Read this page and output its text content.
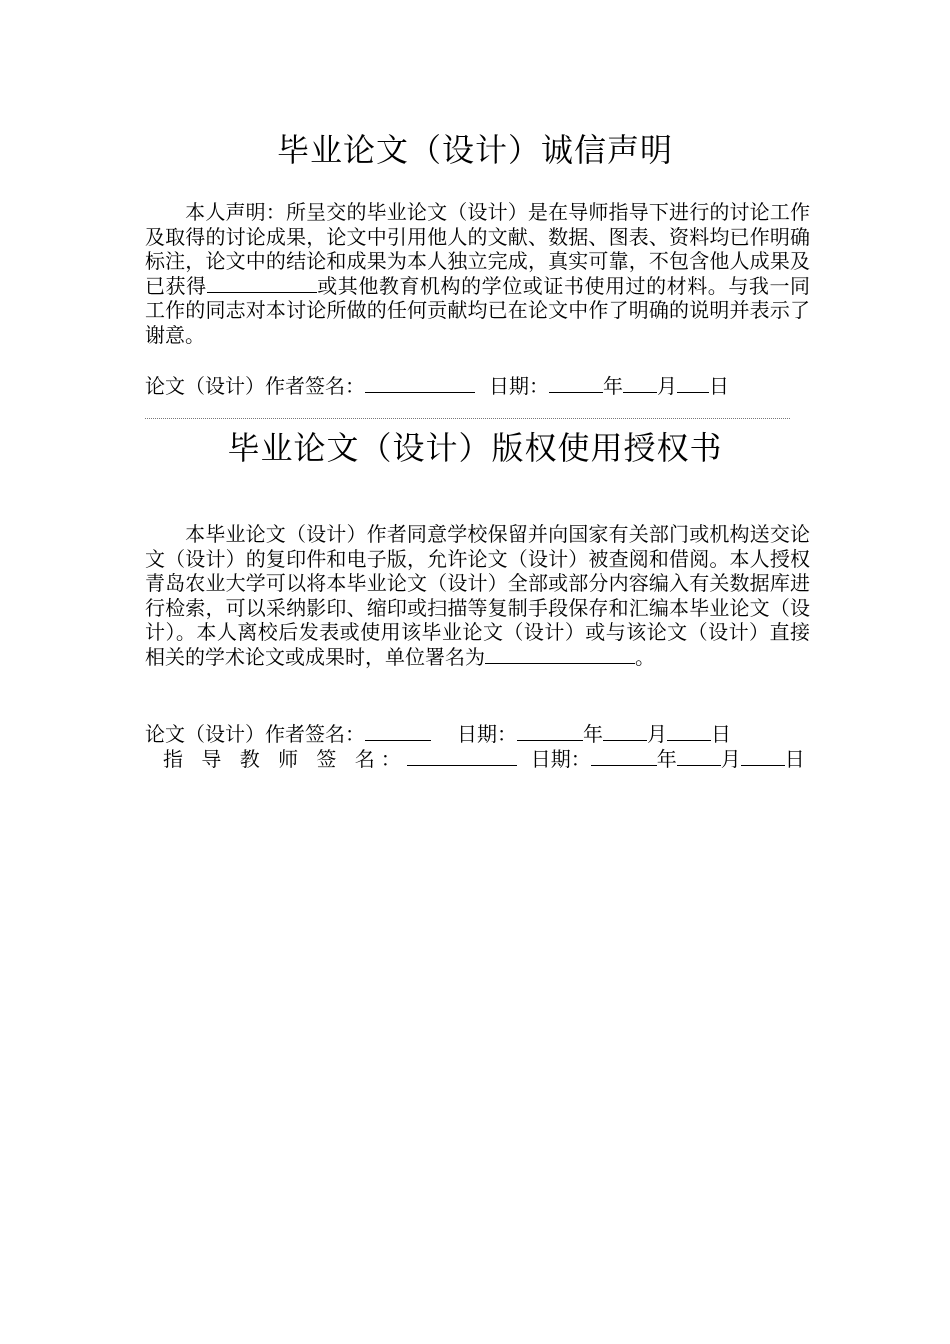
毕业论文（设计）诚信声明

本人声明：所呈交的毕业论文（设计）是在导师指导下进行的讨论工作及取得的讨论成果，论文中引用他人的文献、数据、图表、资料均已作明确标注，论文中的结论和成果为本人独立完成，真实可靠，不包含他人成果及已获得	或其他教育机构的学位或证书使用过的材料。与我一同工作的同志对本讨论所做的任何贡献均已在论文中作了明确的说明并表示了谢意。

论文（设计）作者签名：	日期：	年 月 日
毕业论文（设计）版权使用授权书

本毕业论文（设计）作者同意学校保留并向国家有关部门或机构送交论文（设计）的复印件和电子版，允许论文（设计）被查阅和借阅。本人授权青岛农业大学可以将本毕业论文（设计）全部或部分内容编入有关数据库进行检索，可以采纳影印、缩印或扫描等复制手段保存和汇编本毕业论文（设计）。本人离校后发表或使用该毕业论文（设计）或与该论文（设计）直接相关的学术论文或成果时，单位署名为	。

论文（设计）作者签名：	日期：	年 月 日
指 导 教 师 签 名：	日期：	年 月 日
